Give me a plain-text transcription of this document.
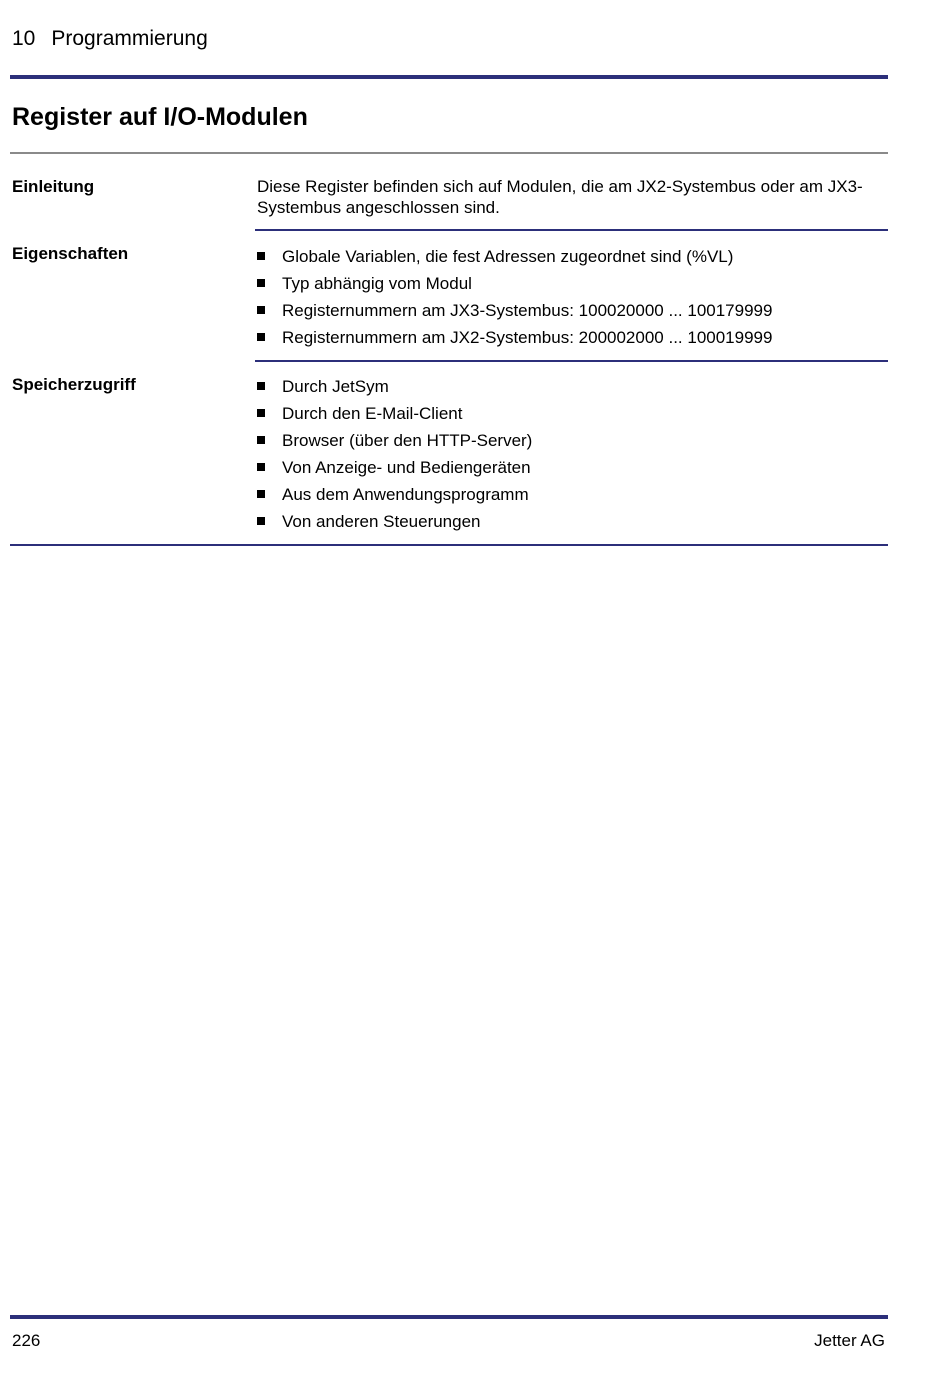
10 Programmierung
Register auf I/O-Modulen
Einleitung	Diese Register befinden sich auf Modulen, die am JX2-Systembus oder am JX3-Systembus angeschlossen sind.
Eigenschaften	Globale Variablen, die fest Adressen zugeordnet sind (%VL)
Typ abhängig vom Modul
Registernummern am JX3-Systembus: 100020000 ... 100179999
Registernummern am JX2-Systembus: 200002000 ... 100019999
Speicherzugriff	Durch JetSym
Durch den E-Mail-Client
Browser (über den HTTP-Server)
Von Anzeige- und Bediengeräten
Aus dem Anwendungsprogramm
Von anderen Steuerungen
226	Jetter AG
